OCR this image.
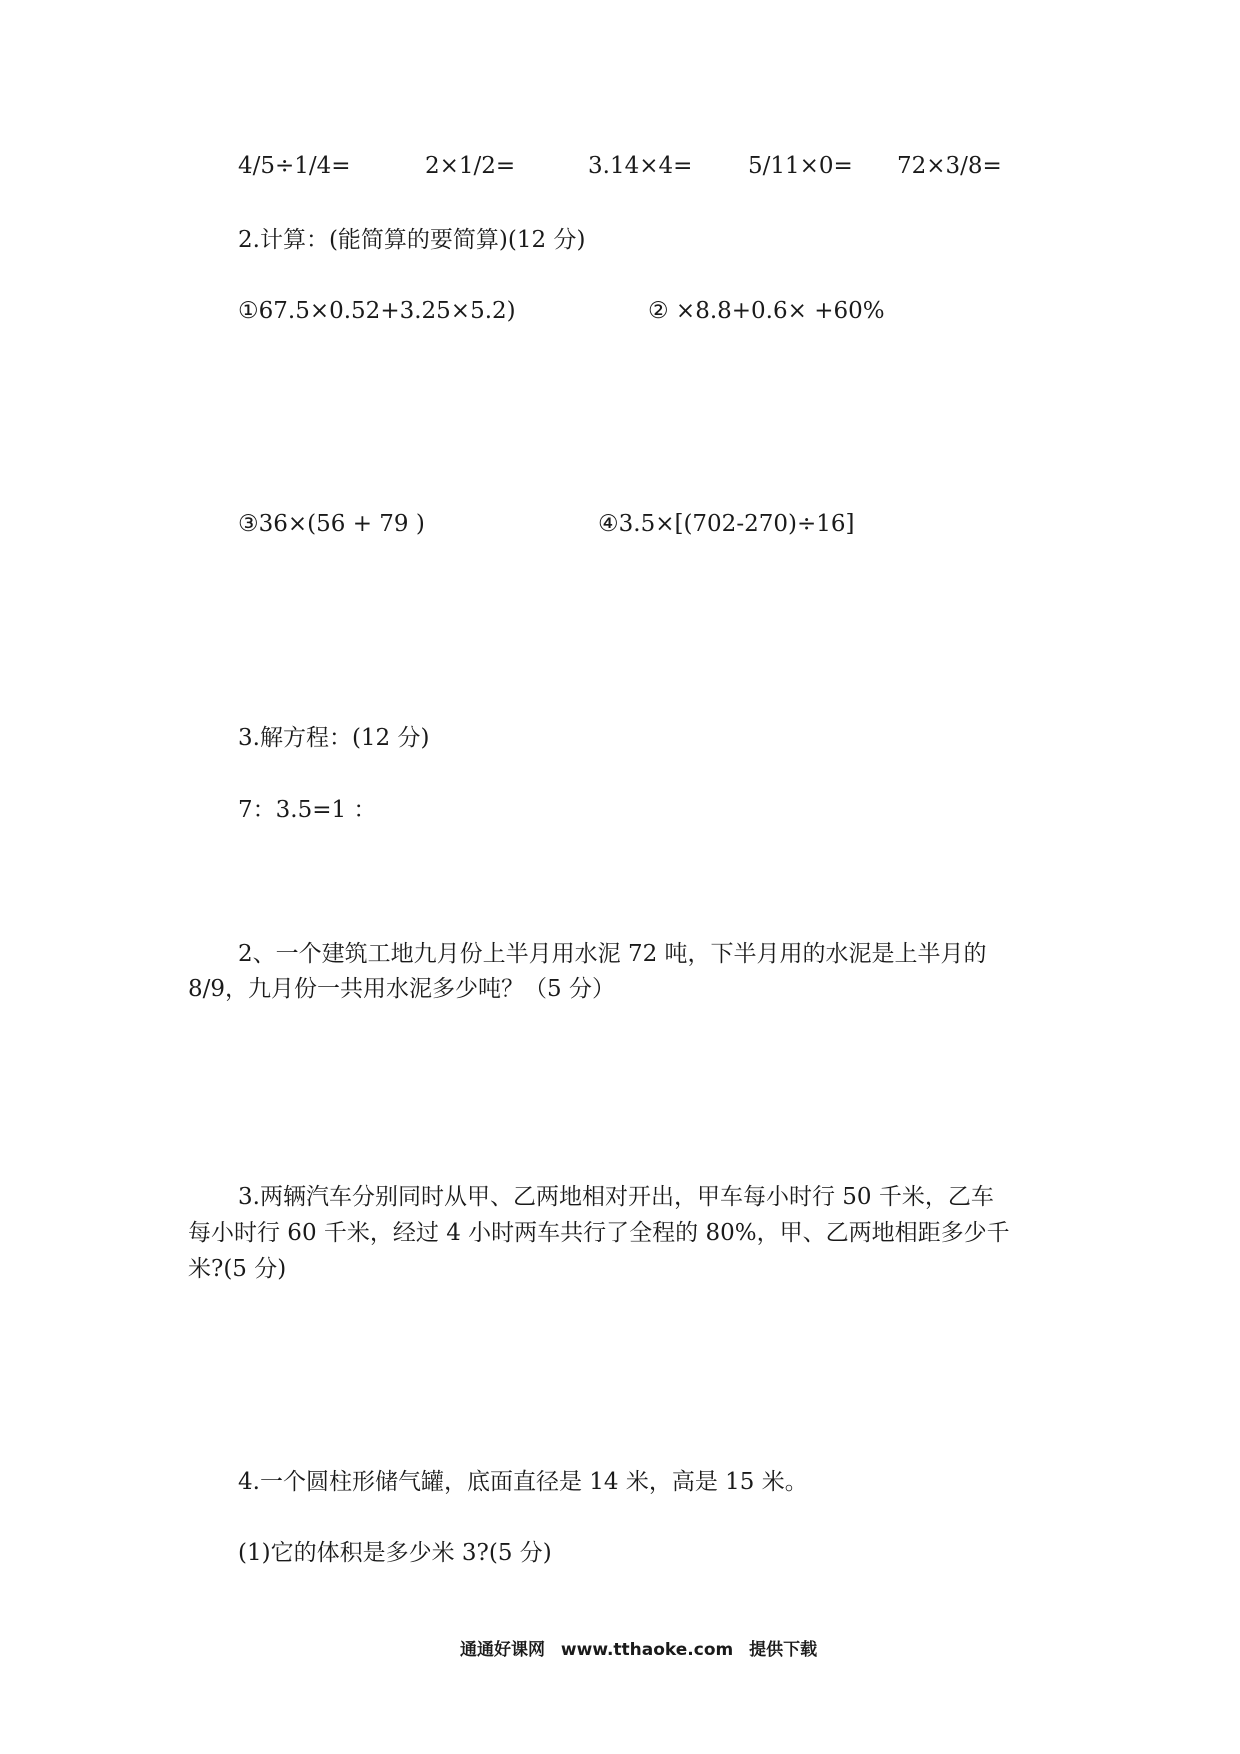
4/5÷1/4=	2×1/2=	3.14×4= 5/11×0= 72×3/8=
2.计算：(能简算的要简算)(12 分)
①67.5×0.52+3.25×5.2)	② ×8.8+0.6× +60%
③36×(56 + 79 )	④3.5×[(702-270)÷16]
3.解方程：(12 分)
7：3.5=1 ：
2、一个建筑工地九月份上半月用水泥 72 吨，下半月用的水泥是上半月的
8/9，九月份一共用水泥多少吨？（5 分）
3.两辆汽车分别同时从甲、乙两地相对开出，甲车每小时行 50 千米，乙车
每小时行 60 千米，经过 4 小时两车共行了全程的 80%，甲、乙两地相距多少千
米?(5 分)
4.一个圆柱形储气罐，底面直径是 14 米，高是 15 米。
(1)它的体积是多少米 3?(5 分)
通通好课网 www.tthaoke.com 提供下载
